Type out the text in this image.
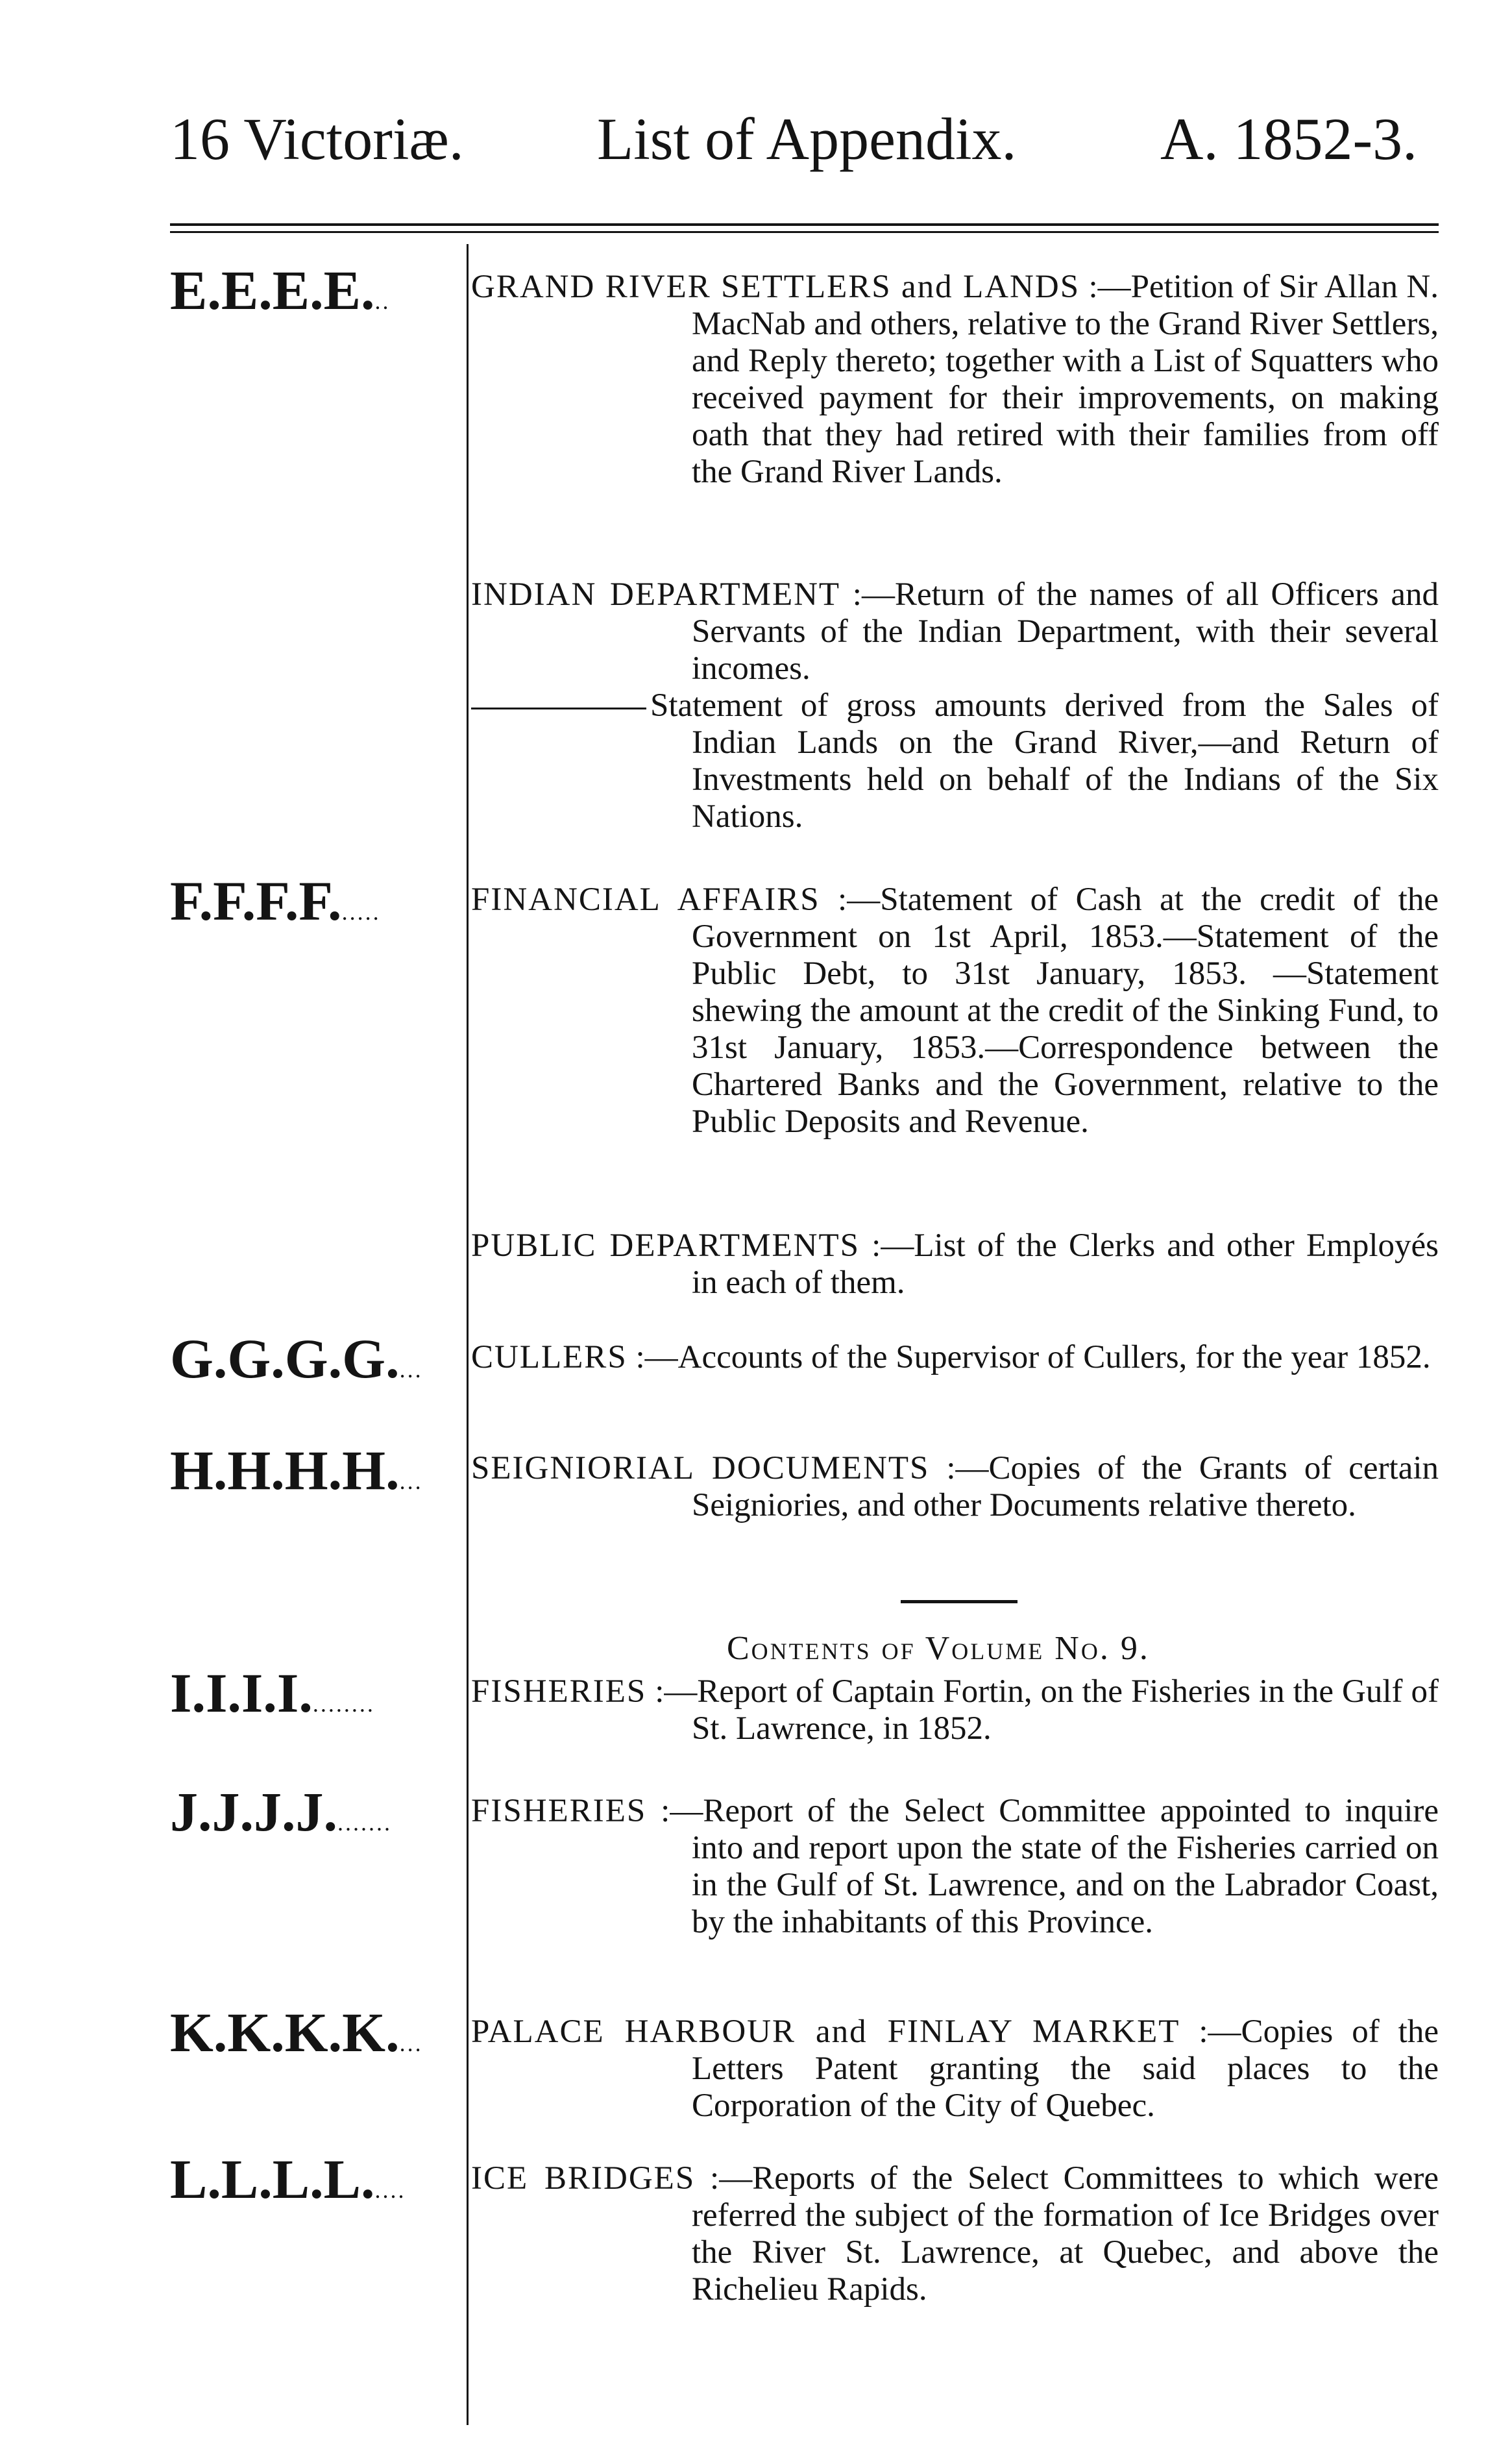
16 Victoriæ. List of Appendix. A. 1852-3.
E.E.E.E... GRAND RIVER SETTLERS and LANDS :—Petition of Sir Allan N. MacNab and others, relative to the Grand River Settlers, and Reply thereto; together with a List of Squatters who received payment for their improvements, on making oath that they had retired with their families from off the Grand River Lands.
INDIAN DEPARTMENT :—Return of the names of all Officers and Servants of the Indian Department, with their several incomes.
Statement of gross amounts derived from the Sales of Indian Lands on the Grand River,—and Return of Investments held on behalf of the Indians of the Six Nations.
F.F.F.F......	FINANCIAL AFFAIRS :—Statement of Cash at the credit of the Government on 1st April, 1853.—Statement of the Public Debt, to 31st January, 1853. —Statement shewing the amount at the credit of the Sinking Fund, to 31st January, 1853.—Correspondence between the Chartered Banks and the Government, relative to the Public Deposits and Revenue.
PUBLIC DEPARTMENTS :—List of the Clerks and other Employés in each of them.
G.G.G.G.... CULLERS :—Accounts of the Supervisor of Cullers, for the year 1852.
H.H.H.H.... SEIGNIORIAL DOCUMENTS :—Copies of the Grants of certain Seigniories, and other Documents relative thereto.
Contents of Volume No. 9.
I.I.I.I.........	FISHERIES :—Report of Captain Fortin, on the Fisheries in the Gulf of St. Lawrence, in 1852.
J.J.J.J........ FISHERIES :—Report of the Select Committee appointed to inquire into and report upon the state of the Fisheries carried on in the Gulf of St. Lawrence, and on the Labrador Coast, by the inhabitants of this Province.
K.K.K.K.... PALACE HARBOUR and FINLAY MARKET :—Copies of the Letters Patent granting the said places to the Corporation of the City of Quebec.
L.L.L.L..... ICE BRIDGES :—Reports of the Select Committees to which were referred the subject of the formation of Ice Bridges over the River St. Lawrence, at Quebec, and above the Richelieu Rapids.
